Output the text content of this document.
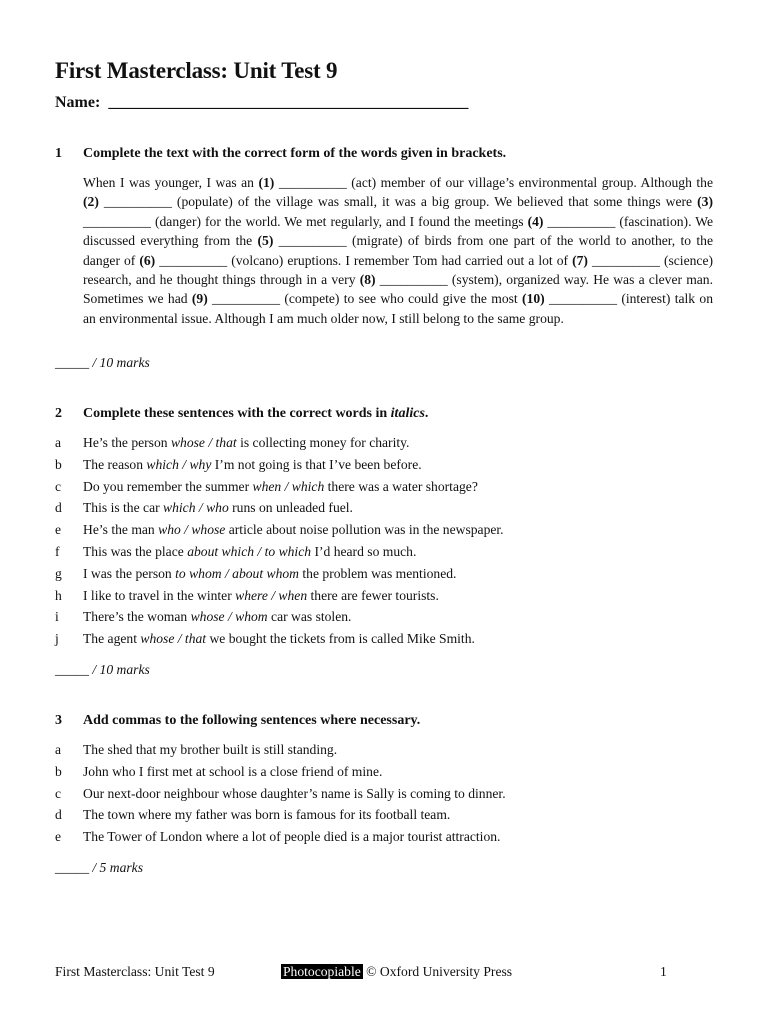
First Masterclass: Unit Test 9
Name: _____________________________________________
1 Complete the text with the correct form of the words given in brackets.
When I was younger, I was an (1) __________ (act) member of our village’s environmental group. Although the (2) __________ (populate) of the village was small, it was a big group. We believed that some things were (3) __________ (danger) for the world. We met regularly, and I found the meetings (4) __________ (fascination). We discussed everything from the (5) __________ (migrate) of birds from one part of the world to another, to the danger of (6) __________ (volcano) eruptions. I remember Tom had carried out a lot of (7) __________ (science) research, and he thought things through in a very (8) __________ (system), organized way. He was a clever man. Sometimes we had (9) __________ (compete) to see who could give the most (10) __________ (interest) talk on an environmental issue. Although I am much older now, I still belong to the same group.
_____ / 10 marks
2 Complete these sentences with the correct words in italics.
a He’s the person whose / that is collecting money for charity.
b The reason which / why I’m not going is that I’ve been before.
c Do you remember the summer when / which there was a water shortage?
d This is the car which / who runs on unleaded fuel.
e He’s the man who / whose article about noise pollution was in the newspaper.
f This was the place about which / to which I’d heard so much.
g I was the person to whom / about whom the problem was mentioned.
h I like to travel in the winter where / when there are fewer tourists.
i There’s the woman whose / whom car was stolen.
j The agent whose / that we bought the tickets from is called Mike Smith.
_____ / 10 marks
3 Add commas to the following sentences where necessary.
a The shed that my brother built is still standing.
b John who I first met at school is a close friend of mine.
c Our next-door neighbour whose daughter’s name is Sally is coming to dinner.
d The town where my father was born is famous for its football team.
e The Tower of London where a lot of people died is a major tourist attraction.
_____ / 5 marks
First Masterclass: Unit Test 9	Photocopiable © Oxford University Press	1
